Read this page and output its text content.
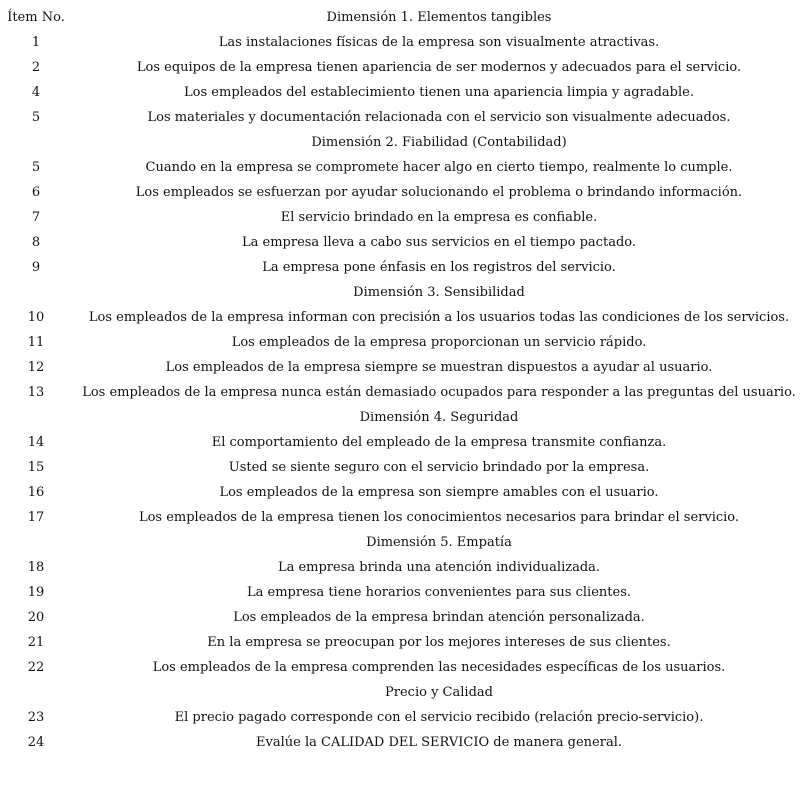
Ítem No.	Dimensión 1. Elementos tangibles
1	Las instalaciones físicas de la empresa son visualmente atractivas.
2	Los equipos de la empresa tienen apariencia de ser modernos y adecuados para el servicio.
4	Los empleados del establecimiento tienen una apariencia limpia y agradable.
5	Los materiales y documentación relacionada con el servicio son visualmente adecuados.
Dimensión 2. Fiabilidad (Contabilidad)
5	Cuando en la empresa se compromete hacer algo en cierto tiempo, realmente lo cumple.
6	Los empleados se esfuerzan por ayudar solucionando el problema o brindando información.
7	El servicio brindado en la empresa es confiable.
8	La empresa lleva a cabo sus servicios en el tiempo pactado.
9	La empresa pone énfasis en los registros del servicio.
Dimensión 3. Sensibilidad
10	Los empleados de la empresa informan con precisión a los usuarios todas las condiciones de los servicios.
11	Los empleados de la empresa proporcionan un servicio rápido.
12	Los empleados de la empresa siempre se muestran dispuestos a ayudar al usuario.
13	Los empleados de la empresa nunca están demasiado ocupados para responder a las preguntas del usuario.
Dimensión 4. Seguridad
14	El comportamiento del empleado de la empresa transmite confianza.
15	Usted se siente seguro con el servicio brindado por la empresa.
16	Los empleados de la empresa son siempre amables con el usuario.
17	Los empleados de la empresa tienen los conocimientos necesarios para brindar el servicio.
Dimensión 5. Empatía
18	La empresa brinda una atención individualizada.
19	La empresa tiene horarios convenientes para sus clientes.
20	Los empleados de la empresa brindan atención personalizada.
21	En la empresa se preocupan por los mejores intereses de sus clientes.
22	Los empleados de la empresa comprenden las necesidades específicas de los usuarios.
Precio y Calidad
23	El precio pagado corresponde con el servicio recibido (relación precio-servicio).
24	Evalúe la CALIDAD DEL SERVICIO de manera general.
